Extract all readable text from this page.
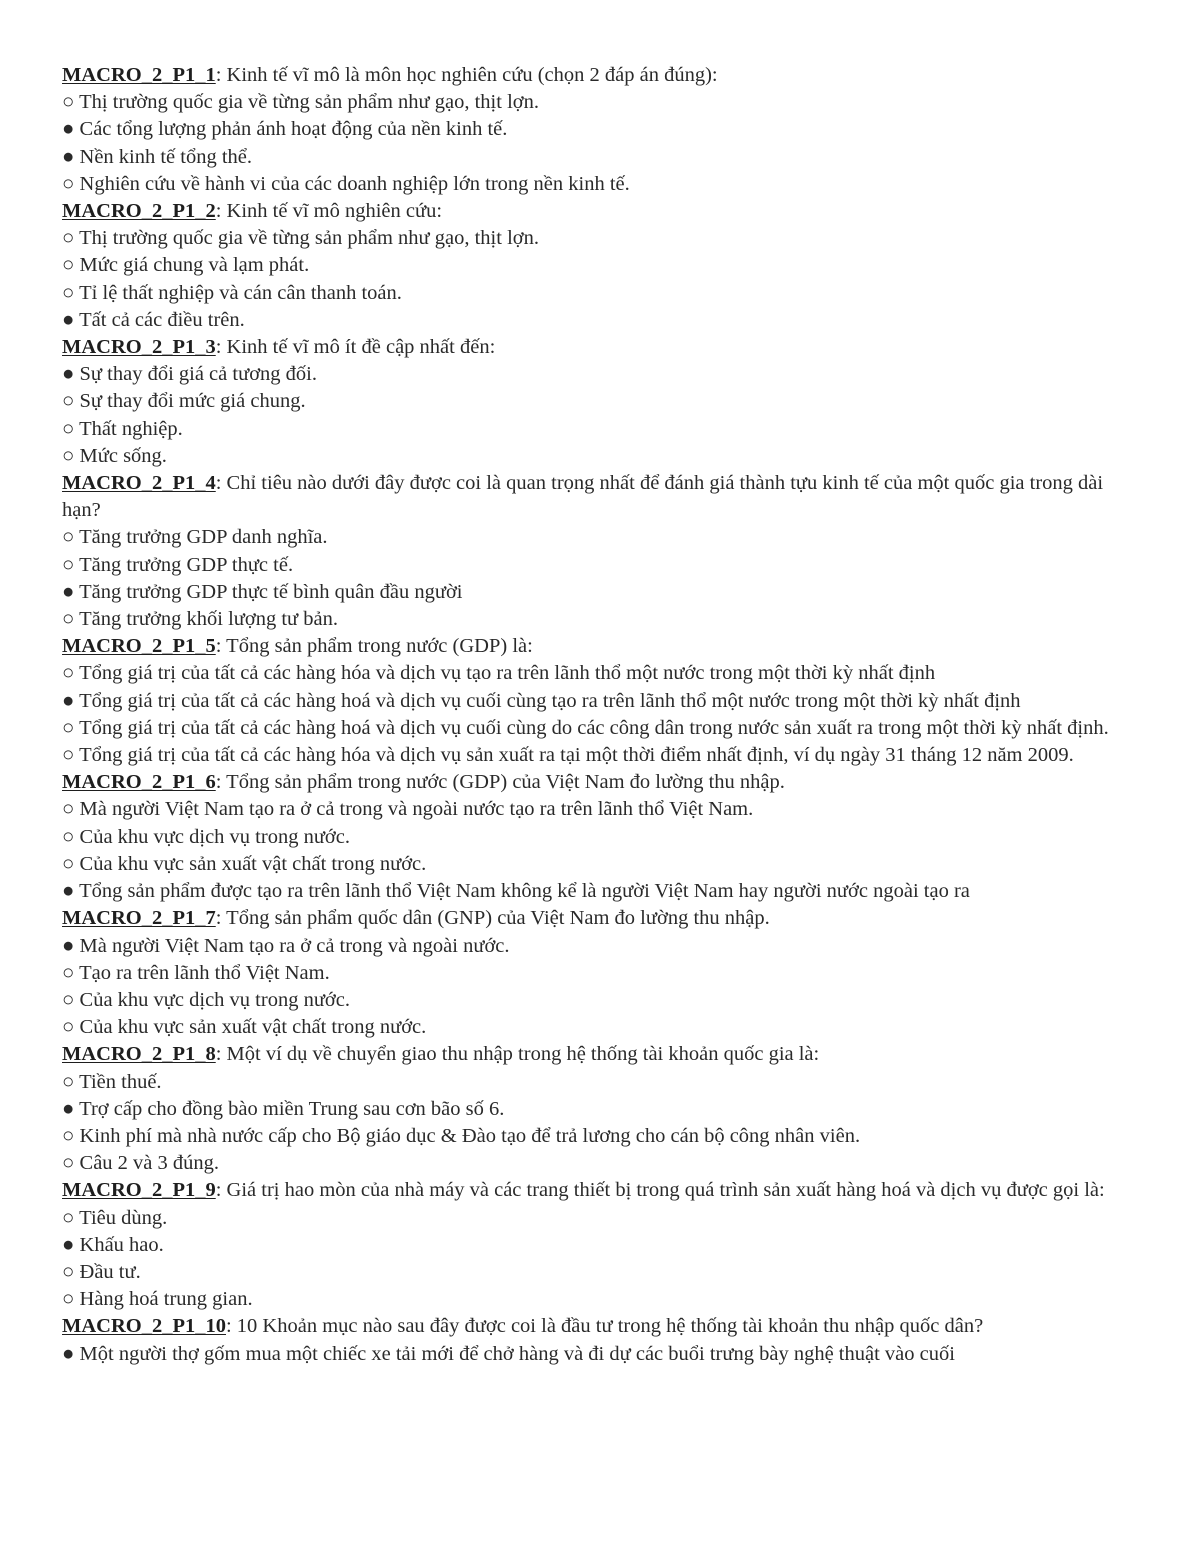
MACRO_2_P1_1: Kinh tế vĩ mô là môn học nghiên cứu (chọn 2 đáp án đúng):

○ Thị trường quốc gia về từng sản phẩm như gạo, thịt lợn.

● Các tổng lượng phản ánh hoạt động của nền kinh tế.

● Nền kinh tế tổng thể.

○ Nghiên cứu về hành vi của các doanh nghiệp lớn trong nền kinh tế.

MACRO_2_P1_2: Kinh tế vĩ mô nghiên cứu:

○ Thị trường quốc gia về từng sản phẩm như gạo, thịt lợn.

○ Mức giá chung và lạm phát.

○ Tỉ lệ thất nghiệp và cán cân thanh toán.

● Tất cả các điều trên.

MACRO_2_P1_3: Kinh tế vĩ mô ít đề cập nhất đến:

● Sự thay đổi giá cả tương đối.

○ Sự thay đổi mức giá chung.

○ Thất nghiệp.

○ Mức sống.

MACRO_2_P1_4: Chỉ tiêu nào dưới đây được coi là quan trọng nhất để đánh giá thành tựu kinh tế của một quốc gia trong dài hạn?

○ Tăng trưởng GDP danh nghĩa.

○ Tăng trưởng GDP thực tế.

● Tăng trưởng GDP thực tế bình quân đầu người

○ Tăng trưởng khối lượng tư bản.

MACRO_2_P1_5: Tổng sản phẩm trong nước (GDP) là:

○ Tổng giá trị của tất cả các hàng hóa và dịch vụ tạo ra trên lãnh thổ một nước trong một thời kỳ nhất định

● Tổng giá trị của tất cả các hàng hoá và dịch vụ cuối cùng tạo ra trên lãnh thổ một nước trong một thời kỳ nhất định

○ Tổng giá trị của tất cả các hàng hoá và dịch vụ cuối cùng do các công dân trong nước sản xuất ra trong một thời kỳ nhất định.

○ Tổng giá trị của tất cả các hàng hóa và dịch vụ sản xuất ra tại một thời điểm nhất định, ví dụ ngày 31 tháng 12 năm 2009.

MACRO_2_P1_6: Tổng sản phẩm trong nước (GDP) của Việt Nam đo lường thu nhập.

○ Mà người Việt Nam tạo ra ở cả trong và ngoài nước tạo ra trên lãnh thổ Việt Nam.

○ Của khu vực dịch vụ trong nước.

○ Của khu vực sản xuất vật chất trong nước.

● Tổng sản phẩm được tạo ra trên lãnh thổ Việt Nam không kể là người Việt Nam hay người nước ngoài tạo ra

MACRO_2_P1_7: Tổng sản phẩm quốc dân (GNP) của Việt Nam đo lường thu nhập.

● Mà người Việt Nam tạo ra ở cả trong và ngoài nước.

○ Tạo ra trên lãnh thổ Việt Nam.

○ Của khu vực dịch vụ trong nước.

○ Của khu vực sản xuất vật chất trong nước.

MACRO_2_P1_8: Một ví dụ về chuyển giao thu nhập trong hệ thống tài khoản quốc gia là:

○ Tiền thuế.

● Trợ cấp cho đồng bào miền Trung sau cơn bão số 6.

○ Kinh phí mà nhà nước cấp cho Bộ giáo dục & Đào tạo để trả lương cho cán bộ công nhân viên.

○ Câu 2 và 3 đúng.

MACRO_2_P1_9: Giá trị hao mòn của nhà máy và các trang thiết bị trong quá trình sản xuất hàng hoá và dịch vụ được gọi là:

○ Tiêu dùng.

● Khấu hao.

○ Đầu tư.

○ Hàng hoá trung gian.

MACRO_2_P1_10: 10 Khoản mục nào sau đây được coi là đầu tư trong hệ thống tài khoản thu nhập quốc dân?

● Một người thợ gốm mua một chiếc xe tải mới để chở hàng và đi dự các buổi trưng bày nghệ thuật vào cuối
